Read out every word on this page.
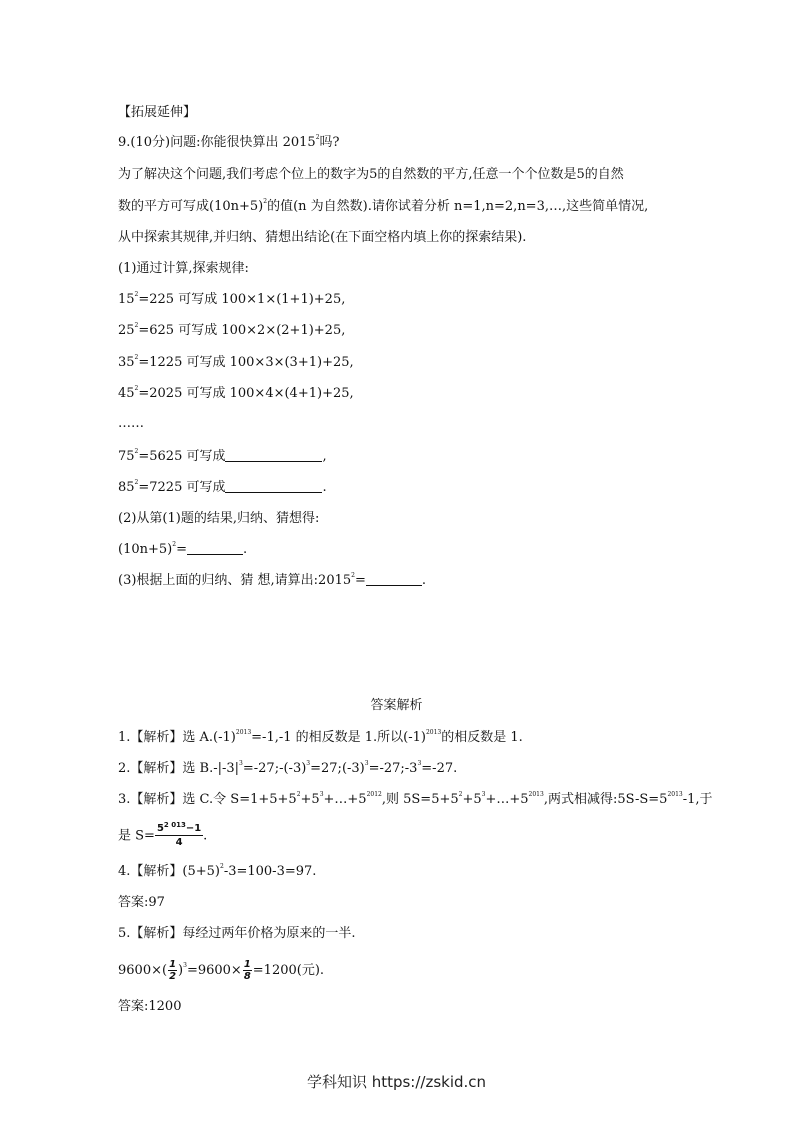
【拓展延伸】
9.(10分)问题:你能很快算出 2015$^2$吗?
为了解决这个问题,我们考虑个位上的数字为5的自然数的平方,任意一个个位数是5的自然
数的平方可写成$(10n+5)^2$的值(n 为自然数).请你试着分析 n=1,n=2,n=3,…,这些简单情况,
从中探索其规律,并归纳、猜想出结论(在下面空格内填上你的探索结果).
(1)通过计算,探索规律:
$15^2=225$ 可写成 100×1×(1+1)+25,
$25^2=625$ 可写成 100×2×(2+1)+25,
$35^2=1225$ 可写成 100×3×(3+1)+25,
$45^2=2025$ 可写成 100×4×(4+1)+25,
……
$75^2=5625$ 可写成	,
$85^2=7225$ 可写成	.
(2)从第(1)题的结果,归纳、猜想得:
$(10n+5)^2=$	.
(3)根据上面的归纳、猜 想,请算出$:2015^2=$	.
答案解析
1.【解析】选 $A.(-1)^{2013}=-1,-1$ 的相反数是 1.所以$(-1)^{2013}$的相反数是 1.
2.【解析】选 $B.-|-3|^3=-27;-(-3)^3=27;(-3)^3=-27;-3^3=-27$.
3.【解析】选 C.令 $S=1+5+5^2+5^3+\dots+5^{2012}$,则 $5S=5+5^2+5^3+\dots+5^{2013}$,两式相减得$:5S-S=5^{2013}-1$,于
是 $S= \frac{5^{2 013}-1}{4}$ .
4.【解析】$(5+5)^2-3=100-3=97$.
答案:97
5.【解析】每经过两年价格为原来的一半.
$9600\times( \frac{1}{2} )^3=9600\times \frac{1}{8} =1200$(元).
答案:1200
学科知识 https://zskid.cn
